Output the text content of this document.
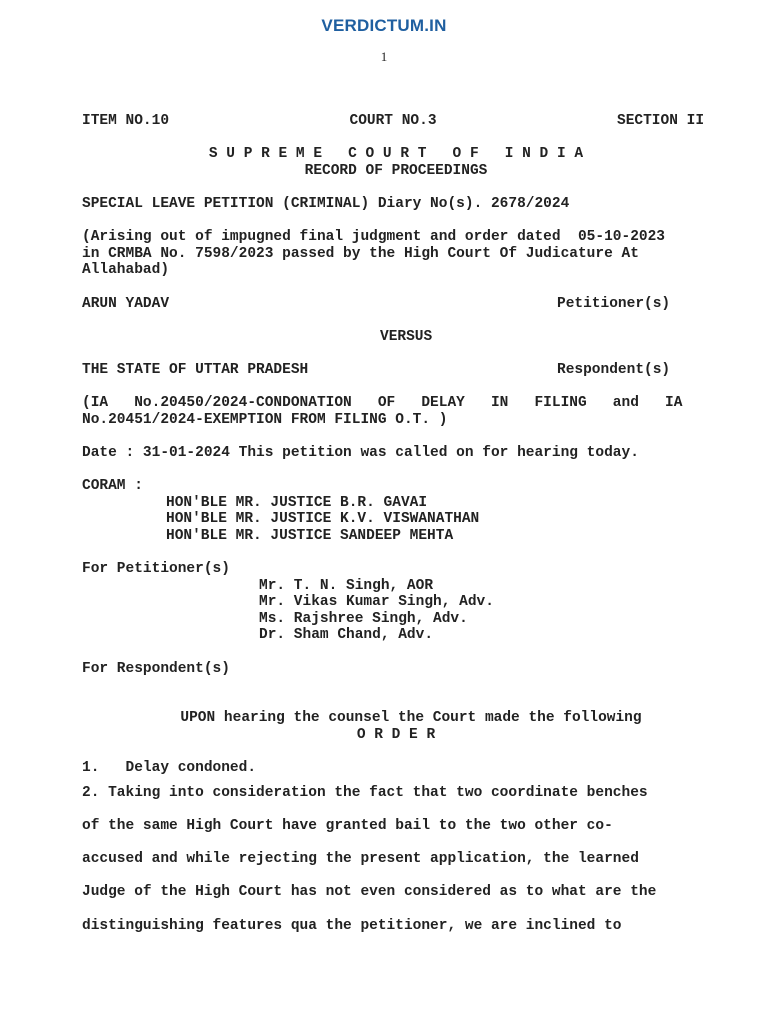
VERDICTUM.IN
1
ITEM NO.10	COURT NO.3	SECTION II
S U P R E M E   C O U R T   O F   I N D I A
RECORD OF PROCEEDINGS
SPECIAL LEAVE PETITION (CRIMINAL) Diary No(s). 2678/2024
(Arising out of impugned final judgment and order dated  05-10-2023
in CRMBA No. 7598/2023 passed by the High Court Of Judicature At
Allahabad)
ARUN YADAV	Petitioner(s)
VERSUS
THE STATE OF UTTAR PRADESH	Respondent(s)
(IA   No.20450/2024-CONDONATION   OF   DELAY   IN   FILING   and   IA
No.20451/2024-EXEMPTION FROM FILING O.T. )
Date : 31-01-2024 This petition was called on for hearing today.
CORAM :
HON'BLE MR. JUSTICE B.R. GAVAI
HON'BLE MR. JUSTICE K.V. VISWANATHAN
HON'BLE MR. JUSTICE SANDEEP MEHTA
For Petitioner(s)
Mr. T. N. Singh, AOR
Mr. Vikas Kumar Singh, Adv.
Ms. Rajshree Singh, Adv.
Dr. Sham Chand, Adv.
For Respondent(s)
UPON hearing the counsel the Court made the following
O R D E R
1.   Delay condoned.
2. Taking into consideration the fact that two coordinate benches
of the same High Court have granted bail to the two other co-
accused and while rejecting the present application, the learned
Judge of the High Court has not even considered as to what are the
distinguishing features qua the petitioner, we are inclined to
